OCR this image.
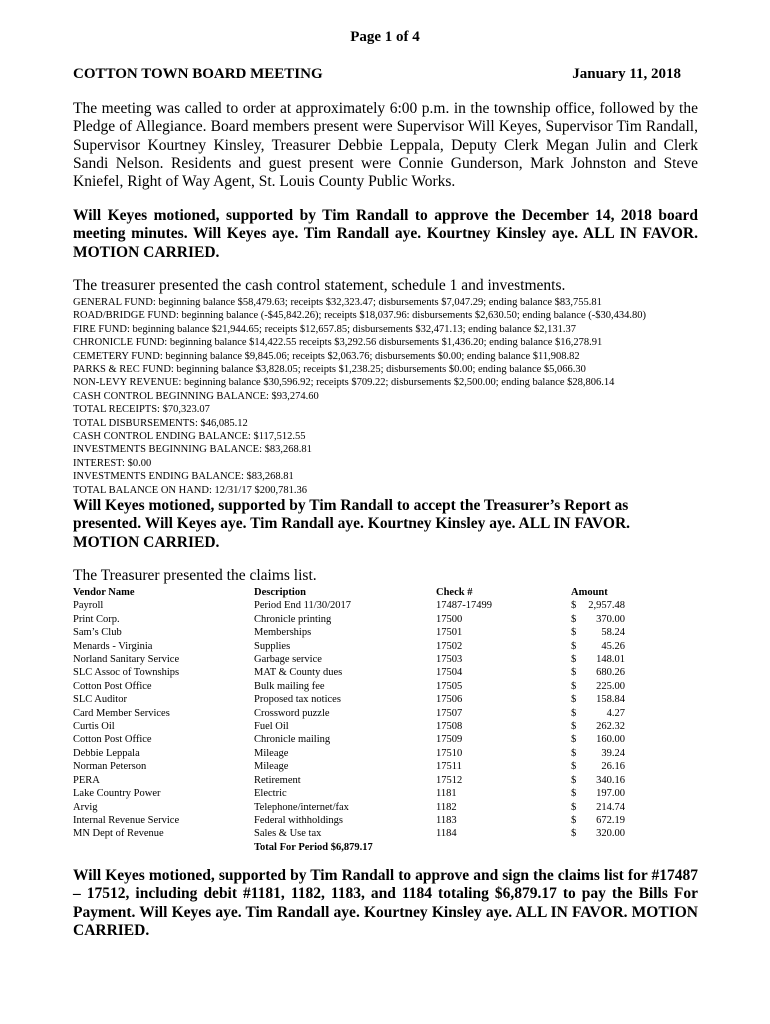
Page 1 of 4
COTTON TOWN BOARD MEETING	January 11, 2018
The meeting was called to order at approximately 6:00 p.m. in the township office, followed by the Pledge of Allegiance. Board members present were Supervisor Will Keyes, Supervisor Tim Randall, Supervisor Kourtney Kinsley, Treasurer Debbie Leppala, Deputy Clerk Megan Julin and Clerk Sandi Nelson. Residents and guest present were Connie Gunderson, Mark Johnston and Steve Kniefel, Right of Way Agent, St. Louis County Public Works.
Will Keyes motioned, supported by Tim Randall to approve the December 14, 2018 board meeting minutes. Will Keyes aye. Tim Randall aye. Kourtney Kinsley aye. ALL IN FAVOR. MOTION CARRIED.
The treasurer presented the cash control statement, schedule 1 and investments.
GENERAL FUND: beginning balance $58,479.63; receipts $32,323.47; disbursements $7,047.29; ending balance $83,755.81
ROAD/BRIDGE FUND: beginning balance (-$45,842.26); receipts $18,037.96: disbursements $2,630.50; ending balance (-$30,434.80)
FIRE FUND: beginning balance $21,944.65; receipts $12,657.85; disbursements $32,471.13; ending balance $2,131.37
CHRONICLE FUND: beginning balance $14,422.55 receipts $3,292.56 disbursements $1,436.20; ending balance $16,278.91
CEMETERY FUND: beginning balance $9,845.06; receipts $2,063.76; disbursements $0.00; ending balance $11,908.82
PARKS & REC FUND: beginning balance $3,828.05; receipts $1,238.25; disbursements $0.00; ending balance $5,066.30
NON-LEVY REVENUE: beginning balance $30,596.92; receipts $709.22; disbursements $2,500.00; ending balance $28,806.14
CASH CONTROL BEGINNING BALANCE: $93,274.60
TOTAL RECEIPTS: $70,323.07
TOTAL DISBURSEMENTS: $46,085.12
CASH CONTROL ENDING BALANCE: $117,512.55
INVESTMENTS BEGINNING BALANCE: $83,268.81
INTEREST: $0.00
INVESTMENTS ENDING BALANCE: $83,268.81
TOTAL BALANCE ON HAND: 12/31/17 $200,781.36
Will Keyes motioned, supported by Tim Randall to accept the Treasurer’s Report as presented. Will Keyes aye. Tim Randall aye. Kourtney Kinsley aye. ALL IN FAVOR. MOTION CARRIED.
The Treasurer presented the claims list.
Vendor Name	Description	Check #	Amount	
Payroll	Period End 11/30/2017	17487-17499	$	2,957.48
Print Corp.	Chronicle printing	17500	$	370.00
Sam’s Club	Memberships	17501	$	58.24
Menards - Virginia	Supplies	17502	$	45.26
Norland Sanitary Service	Garbage service	17503	$	148.01
SLC Assoc of Townships	MAT & County dues	17504	$	680.26
Cotton Post Office	Bulk mailing fee	17505	$	225.00
SLC Auditor	Proposed tax notices	17506	$	158.84
Card Member Services	Crossword puzzle	17507	$	4.27
Curtis Oil	Fuel Oil	17508	$	262.32
Cotton Post Office	Chronicle mailing	17509	$	160.00
Debbie Leppala	Mileage	17510	$	39.24
Norman Peterson	Mileage	17511	$	26.16
PERA	Retirement	17512	$	340.16
Lake Country Power	Electric	1181	$	197.00
Arvig	Telephone/internet/fax	1182	$	214.74
Internal Revenue Service	Federal withholdings	1183	$	672.19
MN Dept of Revenue	Sales & Use tax	1184	$	320.00
	Total For Period $6,879.17			
Will Keyes motioned, supported by Tim Randall to approve and sign the claims list for #17487 – 17512, including debit #1181, 1182, 1183, and 1184 totaling $6,879.17 to pay the Bills For Payment. Will Keyes aye. Tim Randall aye. Kourtney Kinsley aye. ALL IN FAVOR. MOTION CARRIED.
